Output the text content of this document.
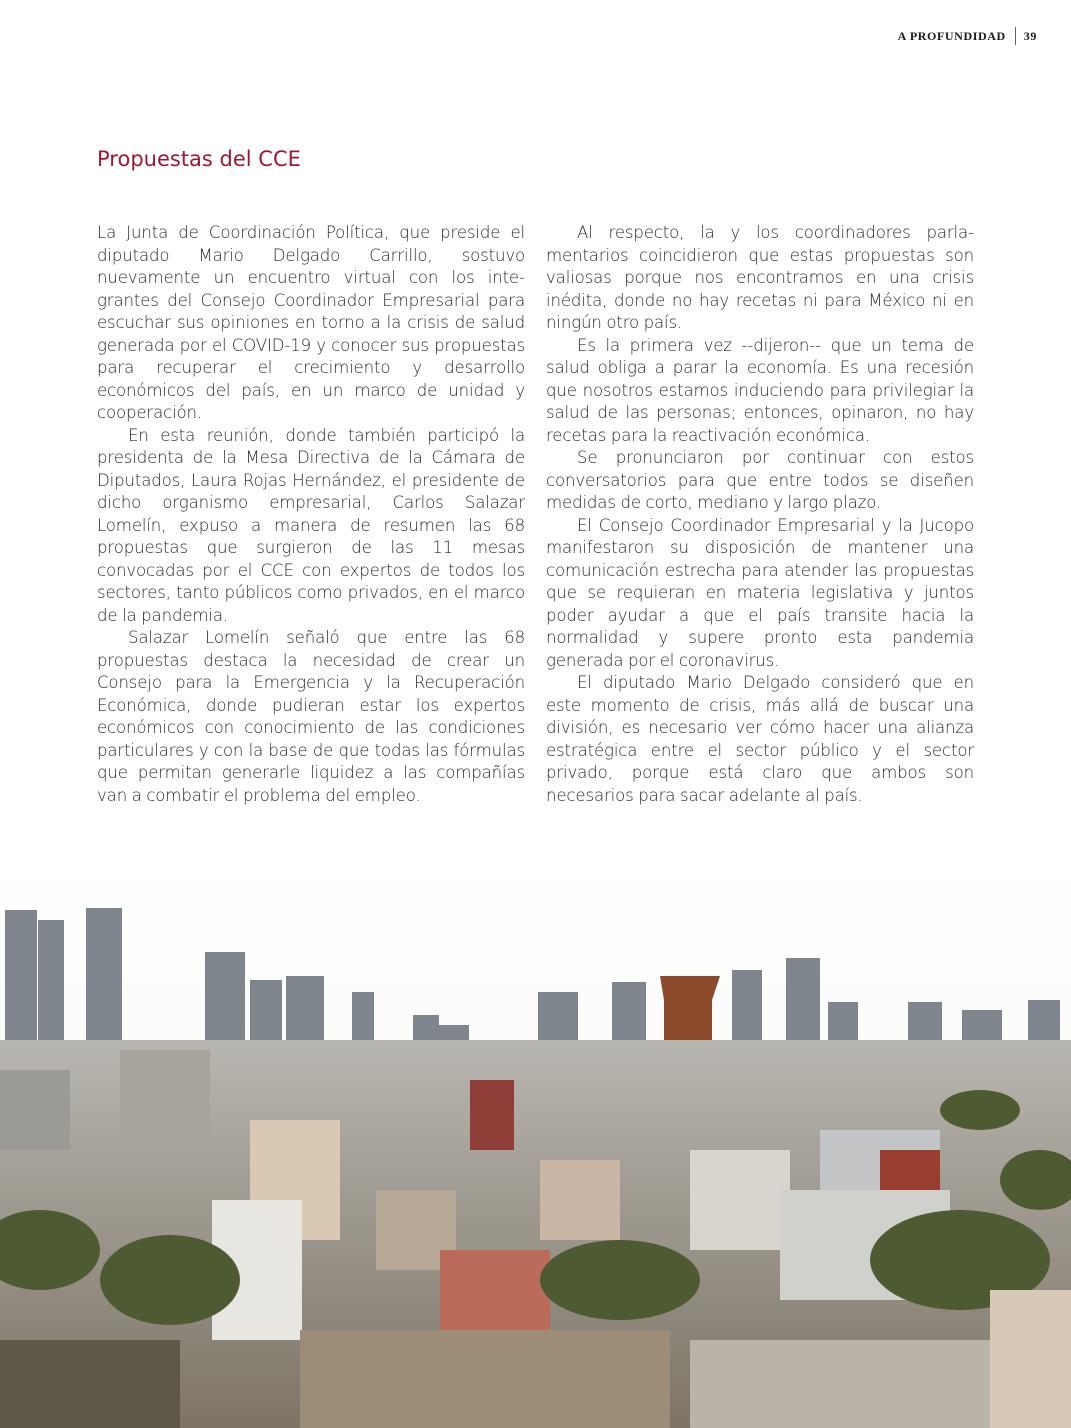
A PROFUNDIDAD 39
Propuestas del CCE

La Junta de Coordinación Política, que preside el diputado Mario Delgado Carrillo, sostuvo nuevamente un encuentro virtual con los integrantes del Consejo Coordinador Empresarial para escuchar sus opiniones en torno a la crisis de salud generada por el COVID-19 y conocer sus propuestas para recuperar el crecimiento y desarrollo económicos del país, en un marco de unidad y cooperación.

En esta reunión, donde también participó la presidenta de la Mesa Directiva de la Cámara de Diputados, Laura Rojas Hernández, el presidente de dicho organismo empresarial, Carlos Salazar Lomelín, expuso a manera de resumen las 68 propuestas que surgieron de las 11 mesas convocadas por el CCE con expertos de todos los sectores, tanto públicos como privados, en el marco de la pandemia.

Salazar Lomelín señaló que entre las 68 propuestas destaca la necesidad de crear un Consejo para la Emergencia y la Recuperación Económica, donde pudieran estar los expertos económicos con conocimiento de las condiciones particulares y con la base de que todas las fórmulas que permitan generarle liquidez a las compañías van a combatir el problema del empleo.

Al respecto, la y los coordinadores parlamentarios coincidieron que estas propuestas son valiosas porque nos encontramos en una crisis inédita, donde no hay recetas ni para México ni en ningún otro país.

Es la primera vez --dijeron-- que un tema de salud obliga a parar la economía. Es una recesión que nosotros estamos induciendo para privilegiar la salud de las personas; entonces, opinaron, no hay recetas para la reactivación económica.

Se pronunciaron por continuar con estos conversatorios para que entre todos se diseñen medidas de corto, mediano y largo plazo.

El Consejo Coordinador Empresarial y la Jucopo manifestaron su disposición de mantener una comunicación estrecha para atender las propuestas que se requieran en materia legislativa y juntos poder ayudar a que el país transite hacia la normalidad y supere pronto esta pandemia generada por el coronavirus.

El diputado Mario Delgado consideró que en este momento de crisis, más allá de buscar una división, es necesario ver cómo hacer una alianza estratégica entre el sector público y el sector privado, porque está claro que ambos son necesarios para sacar adelante al país.
